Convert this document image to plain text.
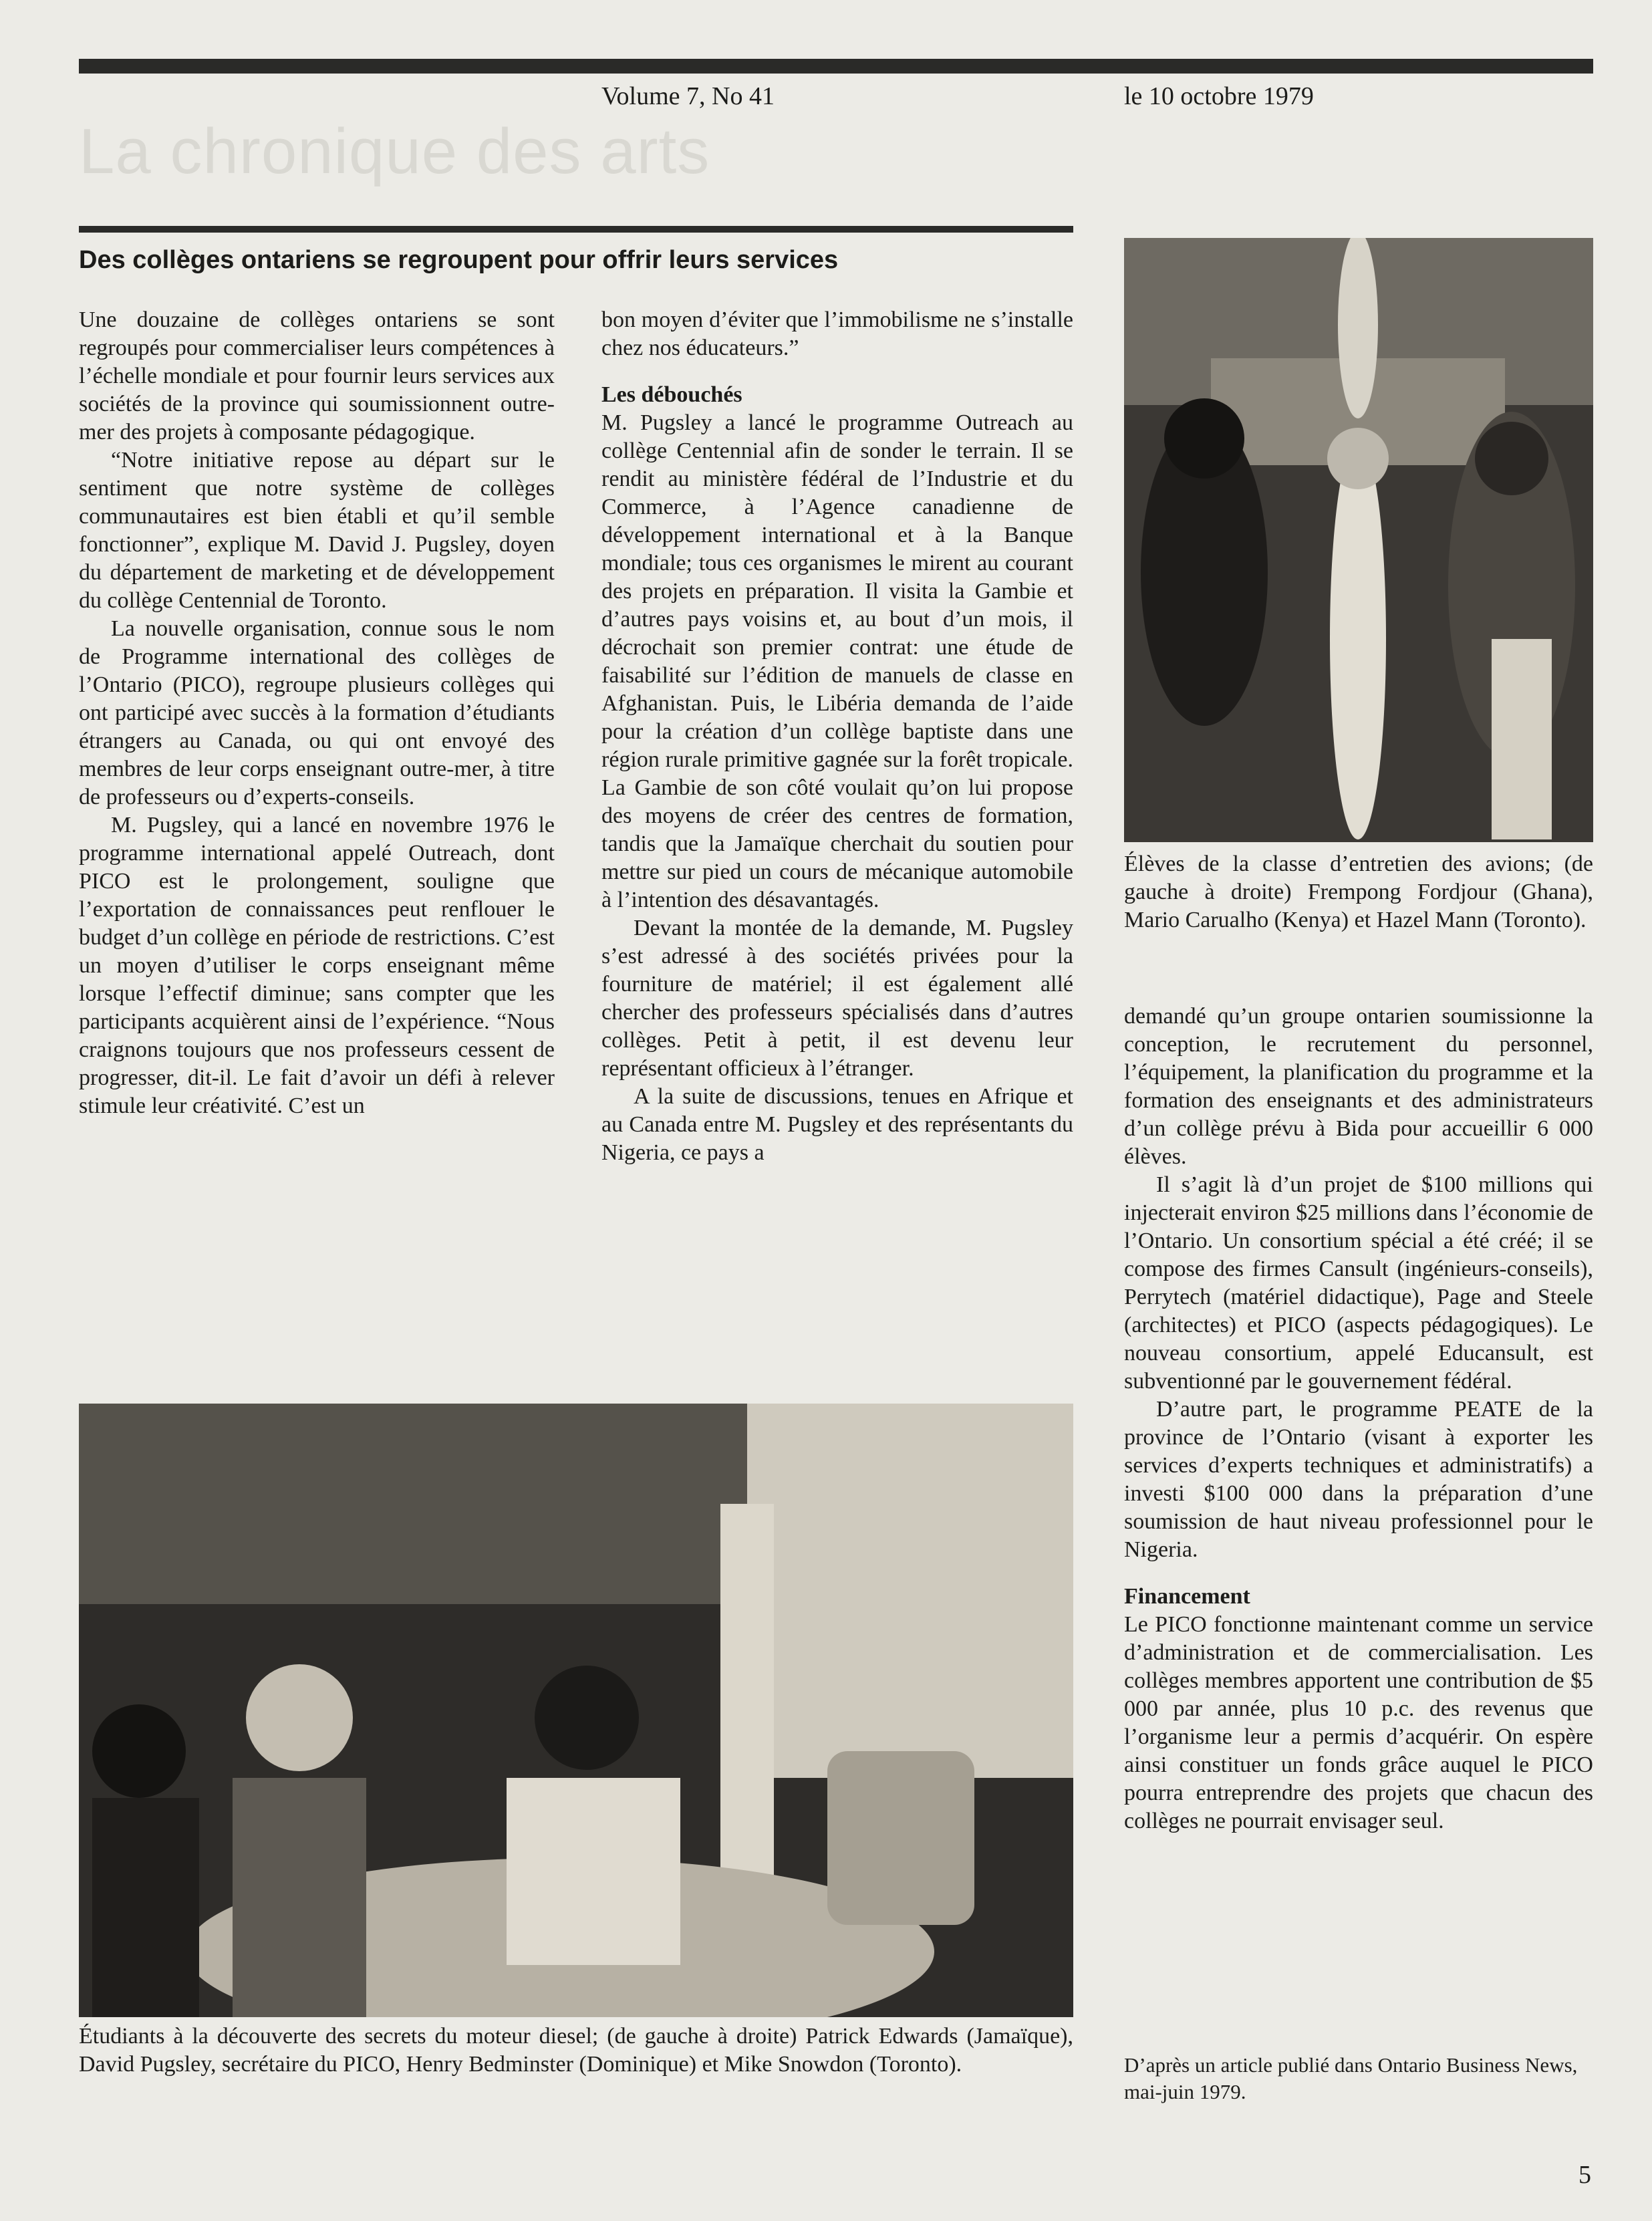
Volume 7, No 41	le 10 octobre 1979
La chronique des arts
Des collèges ontariens se regroupent pour offrir leurs services

Une douzaine de collèges ontariens se sont regroupés pour commercialiser leurs compétences à l’échelle mondiale et pour fournir leurs services aux sociétés de la province qui soumissionnent outre-mer des projets à composante pédagogique.

“Notre initiative repose au départ sur le sentiment que notre système de collèges communautaires est bien établi et qu’il semble fonctionner”, explique M. David J. Pugsley, doyen du département de marketing et de développement du collège Centennial de Toronto.

La nouvelle organisation, connue sous le nom de Programme international des collèges de l’Ontario (PICO), regroupe plusieurs collèges qui ont participé avec succès à la formation d’étudiants étrangers au Canada, ou qui ont envoyé des membres de leur corps enseignant outre-mer, à titre de professeurs ou d’experts-conseils.

M. Pugsley, qui a lancé en novembre 1976 le programme international appelé Outreach, dont PICO est le prolongement, souligne que l’exportation de connaissances peut renflouer le budget d’un collège en période de restrictions. C’est un moyen d’utiliser le corps enseignant même lorsque l’effectif diminue; sans compter que les participants acquièrent ainsi de l’expérience. “Nous craignons toujours que nos professeurs cessent de progresser, dit-il. Le fait d’avoir un défi à relever stimule leur créativité. C’est un

bon moyen d’éviter que l’immobilisme ne s’installe chez nos éducateurs.”

Les débouchés

M. Pugsley a lancé le programme Outreach au collège Centennial afin de sonder le terrain. Il se rendit au ministère fédéral de l’Industrie et du Commerce, à l’Agence canadienne de développement international et à la Banque mondiale; tous ces organismes le mirent au courant des projets en préparation. Il visita la Gambie et d’autres pays voisins et, au bout d’un mois, il décrochait son premier contrat: une étude de faisabilité sur l’édition de manuels de classe en Afghanistan. Puis, le Libéria demanda de l’aide pour la création d’un collège baptiste dans une région rurale primitive gagnée sur la forêt tropicale. La Gambie de son côté voulait qu’on lui propose des moyens de créer des centres de formation, tandis que la Jamaïque cherchait du soutien pour mettre sur pied un cours de mécanique automobile à l’intention des désavantagés.

Devant la montée de la demande, M. Pugsley s’est adressé à des sociétés privées pour la fourniture de matériel; il est également allé chercher des professeurs spécialisés dans d’autres collèges. Petit à petit, il est devenu leur représentant officieux à l’étranger.

A la suite de discussions, tenues en Afrique et au Canada entre M. Pugsley et des représentants du Nigeria, ce pays a

Élèves de la classe d’entretien des avions; (de gauche à droite) Frempong Fordjour (Ghana), Mario Carualho (Kenya) et Hazel Mann (Toronto).

demandé qu’un groupe ontarien soumissionne la conception, le recrutement du personnel, l’équipement, la planification du programme et la formation des enseignants et des administrateurs d’un collège prévu à Bida pour accueillir 6 000 élèves.

Il s’agit là d’un projet de $100 millions qui injecterait environ $25 millions dans l’économie de l’Ontario. Un consortium spécial a été créé; il se compose des firmes Cansult (ingénieurs-conseils), Perrytech (matériel didactique), Page and Steele (architectes) et PICO (aspects pédagogiques). Le nouveau consortium, appelé Educansult, est subventionné par le gouvernement fédéral.

D’autre part, le programme PEATE de la province de l’Ontario (visant à exporter les services d’experts techniques et administratifs) a investi $100 000 dans la préparation d’une soumission de haut niveau professionnel pour le Nigeria.

Financement

Le PICO fonctionne maintenant comme un service d’administration et de commercialisation. Les collèges membres apportent une contribution de $5 000 par année, plus 10 p.c. des revenus que l’organisme leur a permis d’acquérir. On espère ainsi constituer un fonds grâce auquel le PICO pourra entreprendre des projets que chacun des collèges ne pourrait envisager seul.

Étudiants à la découverte des secrets du moteur diesel; (de gauche à droite) Patrick Edwards (Jamaïque), David Pugsley, secrétaire du PICO, Henry Bedminster (Dominique) et Mike Snowdon (Toronto).	D’après un article publié dans Ontario Business News, mai-juin 1979.
5
